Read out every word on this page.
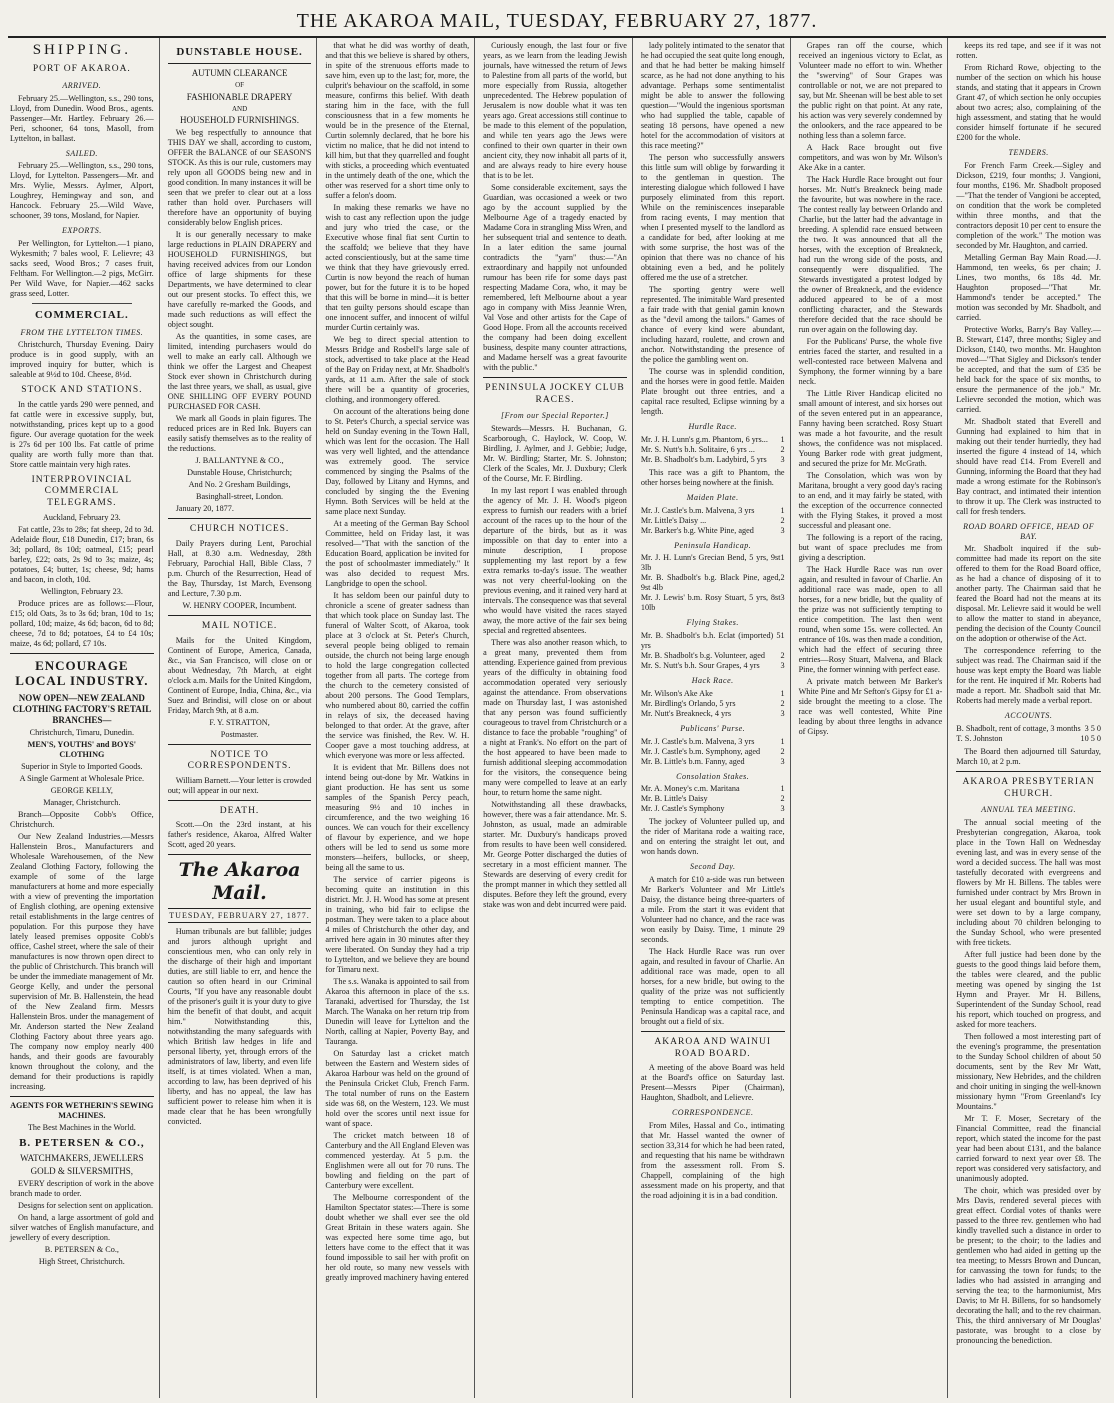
THE AKAROA MAIL, TUESDAY, FEBRUARY 27, 1877.
SHIPPING.
PORT OF AKAROA.
ARRIVED.

February 25.—Wellington, s.s., 290 tons, Lloyd, from Dunedin. Wood Bros., agents. Passenger—Mr. Hartley. February 26.—Peri, schooner, 64 tons, Masoll, from Lyttelton, in ballast.

SAILED.

February 25.—Wellington, s.s., 290 tons, Lloyd, for Lyttelton. Passengers—Mr. and Mrs. Wylie, Messrs. Aylmer, Alport, Loughrey, Hemingway and son, and Hancock. February 25.—Wild Wave, schooner, 39 tons, Mosland, for Napier.

EXPORTS.

Per Wellington, for Lyttelton.—1 piano, Wykesmith; 7 bales wool, F. Lelievre; 43 sacks seed, Wood Bros.; 7 cases fruit, Feltham. For Wellington.—2 pigs, McGirr. Per Wild Wave, for Napier.—462 sacks grass seed, Lotter.

COMMERCIAL.
FROM THE LYTTELTON TIMES.

Christchurch, Thursday Evening. Dairy produce is in good supply, with an improved inquiry for butter, which is saleable at 9½d to 10d. Cheese, 8½d.

STOCK AND STATIONS.

In the cattle yards 290 were penned, and fat cattle were in excessive supply, but, notwithstanding, prices kept up to a good figure. Our average quotation for the week is 27s 6d per 100 lbs. Fat cattle of prime quality are worth fully more than that. Store cattle maintain very high rates.

INTERPROVINCIAL COMMERCIAL TELEGRAMS.

Auckland, February 23.

Fat cattle, 23s to 28s; fat sheep, 2d to 3d. Adelaide flour, £18 Dunedin, £17; bran, 6s 3d; pollard, 8s 10d; oatmeal, £15; pearl barley, £22; oats, 2s 9d to 3s; maize, 4s; potatoes, £4; butter, 1s; cheese, 9d; hams and bacon, in cloth, 10d.

Wellington, February 23.

Produce prices are as follows:—Flour, £15; old Oats, 3s to 3s 6d; bran, 10d to 1s; pollard, 10d; maize, 4s 6d; bacon, 6d to 8d; cheese, 7d to 8d; potatoes, £4 to £4 10s; maize, 4s 6d; pollard, £7 10s.

ENCOURAGE LOCAL INDUSTRY.

NOW OPEN—NEW ZEALAND CLOTHING FACTORY'S RETAIL BRANCHES—

Christchurch, Timaru, Dunedin.

MEN'S, YOUTHS' and BOYS' CLOTHING

Superior in Style to Imported Goods.

A Single Garment at Wholesale Price.

GEORGE KELLY,

Manager, Christchurch.

Branch—Opposite Cobb's Office, Christchurch.

Our New Zealand Industries.—Messrs Hallenstein Bros., Manufacturers and Wholesale Warehousemen, of the New Zealand Clothing Factory, following the example of some of the large manufacturers at home and more especially with a view of preventing the importation of English clothing, are opening extensive retail establishments in the large centres of population. For this purpose they have lately leased premises opposite Cobb's office, Cashel street, where the sale of their manufactures is now thrown open direct to the public of Christchurch. This branch will be under the immediate management of Mr. George Kelly, and under the personal supervision of Mr. B. Hallenstein, the head of the New Zealand firm. Messrs Hallenstein Bros. under the management of Mr. Anderson started the New Zealand Clothing Factory about three years ago. The company now employ nearly 400 hands, and their goods are favourably known throughout the colony, and the demand for their productions is rapidly increasing.

AGENTS FOR WETHERIN'S SEWING MACHINES.

The Best Machines in the World.

B. PETERSEN & CO.,
WATCHMAKERS, JEWELLERS
GOLD & SILVERSMITHS,

EVERY description of work in the above branch made to order.

Designs for selection sent on application.

On hand, a large assortment of gold and silver watches of English manufacture, and jewellery of every description.

B. PETERSEN & Co.,

High Street, Christchurch.

DUNSTABLE HOUSE.
AUTUMN CLEARANCE
OF
FASHIONABLE DRAPERY
AND
HOUSEHOLD FURNISHINGS.

We beg respectfully to announce that THIS DAY we shall, according to custom, OFFER the BALANCE of our SEASON'S STOCK. As this is our rule, customers may rely upon all GOODS being new and in good condition. In many instances it will be seen that we prefer to clear out at a loss rather than hold over. Purchasers will therefore have an opportunity of buying considerably below English prices.

It is our generally necessary to make large reductions in PLAIN DRAPERY and HOUSEHOLD FURNISHINGS, but having received advices from our London office of large shipments for these Departments, we have determined to clear out our present stocks. To effect this, we have carefully re-marked the Goods, and made such reductions as will effect the object sought.

As the quantities, in some cases, are limited, intending purchasers would do well to make an early call. Although we think we offer the Largest and Cheapest Stock ever shown in Christchurch during the last three years, we shall, as usual, give ONE SHILLING OFF EVERY POUND PURCHASED FOR CASH.

We mark all Goods in plain figures. The reduced prices are in Red Ink. Buyers can easily satisfy themselves as to the reality of the reductions.

J. BALLANTYNE & CO.,

Dunstable House, Christchurch;

And No. 2 Gresham Buildings,

Basinghall-street, London.

January 20, 1877.

CHURCH NOTICES.

Daily Prayers during Lent, Parochial Hall, at 8.30 a.m. Wednesday, 28th February, Parochial Hall, Bible Class, 7 p.m. Church of the Resurrection, Head of the Bay, Thursday, 1st March, Evensong and Lecture, 7.30 p.m.

W. HENRY COOPER, Incumbent.

MAIL NOTICE.

Mails for the United Kingdom, Continent of Europe, America, Canada, &c., via San Francisco, will close on or about Wednesday, 7th March, at eight o'clock a.m. Mails for the United Kingdom, Continent of Europe, India, China, &c., via Suez and Brindisi, will close on or about Friday, March 9th, at 8 a.m.

F. Y. STRATTON,

Postmaster.

NOTICE TO CORRESPONDENTS.

William Barnett.—Your letter is crowded out; will appear in our next.

DEATH.

Scott.—On the 23rd instant, at his father's residence, Akaroa, Alfred Walter Scott, aged 20 years.

The Akaroa Mail.
TUESDAY, FEBRUARY 27, 1877.

Human tribunals are but fallible; judges and jurors although upright and conscientious men, who can only rely in the discharge of their high and important duties, are still liable to err, and hence the caution so often heard in our Criminal Courts, "If you have any reasonable doubt of the prisoner's guilt it is your duty to give him the benefit of that doubt, and acquit him." Notwithstanding this, notwithstanding the many safeguards with which British law hedges in life and personal liberty, yet, through errors of the administrators of law, liberty, and even life itself, is at times violated. When a man, according to law, has been deprived of his liberty, and has no appeal, the law has sufficient power to release him when it is made clear that he has been wrongfully convicted.

that what he did was worthy of death, and that this we believe is shared by others, in spite of the strenuous efforts made to save him, even up to the last; for, more, the culprit's behaviour on the scaffold, in some measure, confirms this belief. With death staring him in the face, with the full consciousness that in a few moments he would be in the presence of the Eternal, Curtin solemnly declared, that he bore his victim no malice, that he did not intend to kill him, but that they quarrelled and fought with sticks, a proceeding which eventuated in the untimely death of the one, which the other was reserved for a short time only to suffer a felon's doom.

In making these remarks we have no wish to cast any reflection upon the judge and jury who tried the case, or the Executive whose final fiat sent Curtin to the scaffold; we believe that they have acted conscientiously, but at the same time we think that they have grievously erred. Curtin is now beyond the reach of human power, but for the future it is to be hoped that this will be borne in mind—it is better that ten guilty persons should escape than one innocent suffer, and innocent of wilful murder Curtin certainly was.

We beg to direct special attention to Messrs Bridge and Rosbell's large sale of stock, advertised to take place at the Head of the Bay on Friday next, at Mr. Shadbolt's yards, at 11 a.m. After the sale of stock there will be a quantity of groceries, clothing, and ironmongery offered.

On account of the alterations being done to St. Peter's Church, a special service was held on Sunday evening in the Town Hall, which was lent for the occasion. The Hall was very well lighted, and the attendance was extremely good. The service commenced by singing the Psalms of the Day, followed by Litany and Hymns, and concluded by singing the the Evening Hymn. Both Services will be held at the same place next Sunday.

At a meeting of the German Bay School Committee, held on Friday last, it was resolved—"That with the sanction of the Education Board, application be invited for the post of schoolmaster immediately." It was also decided to request Mrs. Langbridge to open the school.

It has seldom been our painful duty to chronicle a scene of greater sadness than that which took place on Sunday last. The funeral of Walter Scott, of Akaroa, took place at 3 o'clock at St. Peter's Church, several people being obliged to remain outside, the church not being large enough to hold the large congregation collected together from all parts. The cortege from the church to the cemetery consisted of about 200 persons. The Good Templars, who numbered about 80, carried the coffin in relays of six, the deceased having belonged to that order. At the grave, after the service was finished, the Rev. W. H. Cooper gave a most touching address, at which everyone was more or less affected.

It is evident that Mr. Billens does not intend being out-done by Mr. Watkins in giant production. He has sent us some samples of the Spanish Percy peach, measuring 9½ and 10 inches in circumference, and the two weighing 16 ounces. We can vouch for their excellency of flavour by experience, and we hope others will be led to send us some more monsters—heifers, bullocks, or sheep, being all the same to us.

The service of carrier pigeons is becoming quite an institution in this district. Mr. J. H. Wood has some at present in training, who bid fair to eclipse the postman. They were taken to a place about 4 miles of Christchurch the other day, and arrived here again in 30 minutes after they were liberated. On Sunday they had a trip to Lyttelton, and we believe they are bound for Timaru next.

The s.s. Wanaka is appointed to sail from Akaroa this afternoon in place of the s.s. Taranaki, advertised for Thursday, the 1st March. The Wanaka on her return trip from Dunedin will leave for Lyttelton and the North, calling at Napier, Poverty Bay, and Tauranga.

On Saturday last a cricket match between the Eastern and Western sides of Akaroa Harbour was held on the ground of the Peninsula Cricket Club, French Farm. The total number of runs on the Eastern side was 68, on the Western, 123. We must hold over the scores until next issue for want of space.

The cricket match between 18 of Canterbury and the All England Eleven was commenced yesterday. At 5 p.m. the Englishmen were all out for 70 runs. The bowling and fielding on the part of Canterbury were excellent.

The Melbourne correspondent of the Hamilton Spectator states:—There is some doubt whether we shall ever see the old Great Britain in these waters again. She was expected here some time ago, but letters have come to the effect that it was found impossible to sail her with profit on her old route, so many new vessels with greatly improved machinery having entered

Curiously enough, the last four or five years, as we learn from the leading Jewish journals, have witnessed the return of Jews to Palestine from all parts of the world, but more especially from Russia, altogether unprecedented. The Hebrew population of Jerusalem is now double what it was ten years ago. Great accessions still continue to be made to this element of the population, and while ten years ago the Jews were confined to their own quarter in their own ancient city, they now inhabit all parts of it, and are always ready to hire every house that is to be let.

Some considerable excitement, says the Guardian, was occasioned a week or two ago by the account supplied by the Melbourne Age of a tragedy enacted by Madame Cora in strangling Miss Wren, and her subsequent trial and sentence to death. In a later edition the same journal contradicts the "yarn" thus:—"An extraordinary and happily not unfounded rumour has been rife for some days past respecting Madame Cora, who, it may be remembered, left Melbourne about a year ago in company with Miss Jeannie Wren, Val Vose and other artists for the Cape of Good Hope. From all the accounts received the company had been doing excellent business, despite many counter attractions, and Madame herself was a great favourite with the public."

PENINSULA JOCKEY CLUB RACES.
[From our Special Reporter.]

Stewards—Messrs. H. Buchanan, G. Scarborough, C. Haylock, W. Coop, W. Birdling, J. Aylmer, and J. Gebbie; Judge, Mr. W. Birdling; Starter, Mr. S. Johnston; Clerk of the Scales, Mr. J. Duxbury; Clerk of the Course, Mr. F. Birdling.

In my last report I was enabled through the agency of Mr. J. H. Wood's pigeon express to furnish our readers with a brief account of the races up to the hour of the departure of the birds, but as it was impossible on that day to enter into a minute description, I propose supplementing my last report by a few extra remarks to-day's issue. The weather was not very cheerful-looking on the previous evening, and it rained very hard at intervals. The consequence was that several who would have visited the races stayed away, the more active of the fair sex being special and regretted absentees.

There was also another reason which, to a great many, prevented them from attending. Experience gained from previous years of the difficulty in obtaining food accommodation operated very seriously against the attendance. From observations made on Thursday last, I was astonished that any person was found sufficiently courageous to travel from Christchurch or a distance to face the probable "roughing" of a night at Frank's. No effort on the part of the host appeared to have been made to furnish additional sleeping accommodation for the visitors, the consequence being many were compelled to leave at an early hour, to return home the same night.

Notwithstanding all these drawbacks, however, there was a fair attendance. Mr. S. Johnston, as usual, made an admirable starter. Mr. Duxbury's handicaps proved from results to have been well considered. Mr. George Potter discharged the duties of secretary in a most efficient manner. The Stewards are deserving of every credit for the prompt manner in which they settled all disputes. Before they left the ground, every stake was won and debt incurred were paid.

lady politely intimated to the senator that he had occupied the seat quite long enough, and that he had better be making himself scarce, as he had not done anything to his advantage. Perhaps some sentimentalist might be able to answer the following question—"Would the ingenious sportsman who had supplied the table, capable of seating 18 persons, have opened a new hotel for the accommodation of visitors at this race meeting?"

The person who successfully answers this little sum will oblige by forwarding it to the gentleman in question. The interesting dialogue which followed I have purposely eliminated from this report. While on the reminiscences inseparable from racing events, I may mention that when I presented myself to the landlord as a candidate for bed, after looking at me with some surprise, the host was of the opinion that there was no chance of his obtaining even a bed, and he politely offered me the use of a stretcher.

The sporting gentry were well represented. The inimitable Ward presented a fair trade with that genial gamin known as the "devil among the tailors." Games of chance of every kind were abundant, including hazard, roulette, and crown and anchor. Notwithstanding the presence of the police the gambling went on.

The course was in splendid condition, and the horses were in good fettle. Maiden Plate brought out three entries, and a capital race resulted, Eclipse winning by a length.

Hurdle Race.
Mr. J. H. Lunn's g.m. Phantom, 6 yrs... 1
Mr. S. Nutt's b.h. Solitaire, 6 yrs ...	2
Mr. B. Shadbolt's b.m. Ladybird, 5 yrs 3

This race was a gift to Phantom, the other horses being nowhere at the finish.

Maiden Plate.
Mr. J. Castle's b.m. Malvena, 3 yrs	1
Mr. Little's Daisy ...	2
Mr. Barker's b.g. White Pine, aged	3
Peninsula Handicap.
Mr. J. H. Lunn's Grecian Bend, 5 yrs, 9st 3lb
1
Mr. B. Shadbolt's b.g. Black Pine, aged, 9st 4lb
2
Mr. J. Lewis' b.m. Rosy Stuart, 5 yrs, 8st 10lb
3
Flying Stakes.
Mr. B. Shadbolt's b.h. Eclat (imported) 5 yrs
1
Mr. B. Shadbolt's b.g. Volunteer, aged 2
Mr. S. Nutt's b.h. Sour Grapes, 4 yrs	3
Hack Race.
Mr. Wilson's Ake Ake	1
Mr. Birdling's Orlando, 5 yrs	2
Mr. Nutt's Breakneck, 4 yrs	3
Publicans' Purse.
Mr. J. Castle's b.m. Malvena, 3 yrs	1
Mr. J. Castle's b.m. Symphony, aged 2
Mr. B. Little's b.m. Fanny, aged	3
Consolation Stakes.
Mr. A. Money's c.m. Maritana	1
Mr. B. Little's Daisy	2
Mr. J. Castle's Symphony	3

The jockey of Volunteer pulled up, and the rider of Maritana rode a waiting race, and on entering the straight let out, and won hands down.

Second Day.

A match for £10 a-side was run between Mr Barker's Volunteer and Mr Little's Daisy, the distance being three-quarters of a mile. From the start it was evident that Volunteer had no chance, and the race was won easily by Daisy. Time, 1 minute 29 seconds.

The Hack Hurdle Race was run over again, and resulted in favour of Charlie. An additional race was made, open to all horses, for a new bridle, but owing to the quality of the prize was not sufficiently tempting to entice competition. The Peninsula Handicap was a capital race, and brought out a field of six.

AKAROA AND WAINUI ROAD BOARD.

A meeting of the above Board was held at the Board's office on Saturday last. Present—Messrs Piper (Chairman), Haughton, Shadbolt, and Lelievre.

CORRESPONDENCE.

From Miles, Hassal and Co., intimating that Mr. Hassel wanted the owner of section 33,314 for which he had been rated, and requesting that his name be withdrawn from the assessment roll. From S. Chappell, complaining of the high assessment made on his property, and that the road adjoining it is in a bad condition.

Grapes ran off the course, which received an ingenious victory to Eclat, as Volunteer made no effort to win. Whether the "swerving" of Sour Grapes was controllable or not, we are not prepared to say, but Mr. Sheenan will be best able to set the public right on that point. At any rate, his action was very severely condemned by the onlookers, and the race appeared to be nothing less than a solemn farce.

A Hack Race brought out five competitors, and was won by Mr. Wilson's Ake Ake in a canter.

The Hack Hurdle Race brought out four horses. Mr. Nutt's Breakneck being made the favourite, but was nowhere in the race. The contest really lay between Orlando and Charlie, but the latter had the advantage in breeding. A splendid race ensued between the two. It was announced that all the horses, with the exception of Breakneck, had run the wrong side of the posts, and consequently were disqualified. The Stewards investigated a protest lodged by the owner of Breakneck, and the evidence adduced appeared to be of a most conflicting character, and the Stewards therefore decided that the race should be run over again on the following day.

For the Publicans' Purse, the whole five entries faced the starter, and resulted in a well-contested race between Malvena and Symphony, the former winning by a bare neck.

The Little River Handicap elicited no small amount of interest, and six horses out of the seven entered put in an appearance, Fanny having been scratched. Rosy Stuart was made a hot favourite, and the result shows, the confidence was not misplaced. Young Barker rode with great judgment, and secured the prize for Mr. McGrath.

The Consolation, which was won by Maritana, brought a very good day's racing to an end, and it may fairly be stated, with the exception of the occurrence connected with the Flying Stakes, it proved a most successful and pleasant one.

The following is a report of the racing, but want of space precludes me from giving a description.

The Hack Hurdle Race was run over again, and resulted in favour of Charlie. An additional race was made, open to all horses, for a new bridle, but the quality of the prize was not sufficiently tempting to entice competition. The last then went round, when some 15s. were collected. An entrance of 10s. was then made a condition, which had the effect of securing three entries—Rosy Stuart, Malvena, and Black Pine, the former winning with perfect ease.

A private match between Mr Barker's White Pine and Mr Sefton's Gipsy for £1 a-side brought the meeting to a close. The race was well contested, White Pine leading by about three lengths in advance of Gipsy.

keeps its red tape, and see if it was not rotten.

From Richard Rowe, objecting to the number of the section on which his house stands, and stating that it appears in Crown Grant 47, of which section he only occupies about two acres; also, complaining of the high assessment, and stating that he would consider himself fortunate if he secured £200 for the whole.

TENDERS.

For French Farm Creek.—Sigley and Dickson, £219, four months; J. Vangioni, four months, £196. Mr. Shadbolt proposed—"That the tender of Vangioni be accepted, on condition that the work be completed within three months, and that the contractors deposit 10 per cent to ensure the completion of the work." The motion was seconded by Mr. Haughton, and carried.

Metalling German Bay Main Road.—J. Hammond, ten weeks, 6s per chain; J. Lines, two months, 6s 18s 4d. Mr. Haughton proposed—"That Mr. Hammond's tender be accepted." The motion was seconded by Mr. Shadbolt, and carried.

Protective Works, Barry's Bay Valley.—B. Stewart, £147, three months; Sigley and Dickson, £140, two months. Mr. Haughton moved—"That Sigley and Dickson's tender be accepted, and that the sum of £35 be held back for the space of six months, to ensure the permanence of the job." Mr. Lelievre seconded the motion, which was carried.

Mr. Shadbolt stated that Everell and Gunning had explained to him that in making out their tender hurriedly, they had inserted the figure 4 instead of 14, which should have read £14. From Everell and Gunning, informing the Board that they had made a wrong estimate for the Robinson's Bay contract, and intimated their intention to throw it up. The Clerk was instructed to call for fresh tenders.

ROAD BOARD OFFICE, HEAD OF BAY.

Mr. Shadbolt inquired if the sub-committee had made its report on the site offered to them for the Road Board office, as he had a chance of disposing of it to another party. The Chairman said that he feared the Board had not the means at its disposal. Mr. Lelievre said it would be well to allow the matter to stand in abeyance, pending the decision of the County Council on the adoption or otherwise of the Act.

The correspondence referring to the subject was read. The Chairman said if the house was kept empty the Board was liable for the rent. He inquired if Mr. Roberts had made a report. Mr. Shadbolt said that Mr. Roberts had merely made a verbal report.

ACCOUNTS.
B. Shadbolt, rent of cottage, 3 months 3 5 0
T. S. Johnston	10 5 0

The Board then adjourned till Saturday, March 10, at 2 p.m.

AKAROA PRESBYTERIAN CHURCH.
ANNUAL TEA MEETING.

The annual social meeting of the Presbyterian congregation, Akaroa, took place in the Town Hall on Wednesday evening last, and was in every sense of the word a decided success. The hall was most tastefully decorated with evergreens and flowers by Mr H. Billens. The tables were furnished under contract by Mrs Brown in her usual elegant and bountiful style, and were set down to by a large company, including about 70 children belonging to the Sunday School, who were presented with free tickets.

After full justice had been done by the guests to the good things laid before them, the tables were cleared, and the public meeting was opened by singing the 1st Hymn and Prayer. Mr H. Billens, Superintendent of the Sunday School, read his report, which touched on progress, and asked for more teachers.

Then followed a most interesting part of the evening's programme, the presentation to the Sunday School children of about 50 documents, sent by the Rev Mr Watt, missionary, New Hebrides, and the children and choir uniting in singing the well-known missionary hymn "From Greenland's Icy Mountains."

Mr T. F. Moser, Secretary of the Financial Committee, read the financial report, which stated the income for the past year had been about £131, and the balance carried forward to next year over £8. The report was considered very satisfactory, and unanimously adopted.

The choir, which was presided over by Mrs Davis, rendered several pieces with great effect. Cordial votes of thanks were passed to the three rev. gentlemen who had kindly travelled such a distance in order to be present; to the choir; to the ladies and gentlemen who had aided in getting up the tea meeting; to Messrs Brown and Duncan, for canvassing the town for funds; to the ladies who had assisted in arranging and serving the tea; to the harmoniumist, Mrs Davis; to Mr H. Billens, for so handsomely decorating the hall; and to the rev chairman. This, the third anniversary of Mr Douglas' pastorate, was brought to a close by pronouncing the benediction.
